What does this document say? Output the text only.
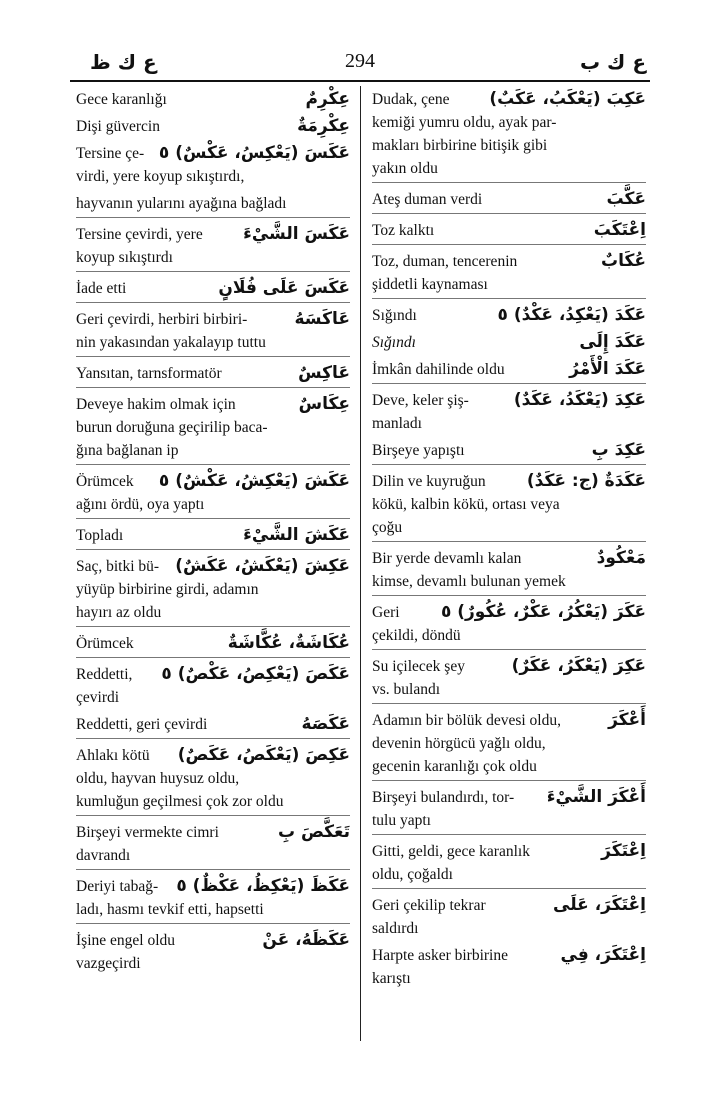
ع ك ظ	294	ع ك ب
عِكْرِمٌ
Gece karanlığı
عِكْرِمَةٌ
Dişi güvercin
عَكَسَ (يَعْكِسُ، عَكْسٌ) ٥
Tersine çe-
virdi, yere koyup sıkıştırdı,
hayvanın yularını ayağına bağladı
عَكَسَ الشَّيْءَ
Tersine çevirdi, yere
koyup sıkıştırdı
عَكَسَ عَلَى فُلَانٍ
İade etti
عَاكَسَهُ
Geri çevirdi, herbiri birbiri-
nin yakasından yakalayıp tuttu
عَاكِسٌ
Yansıtan, tarnsformatör
عِكَاسٌ
Deveye hakim olmak için
burun doruğuna geçirilip baca-
ğına bağlanan ip
عَكَشَ (يَعْكِشُ، عَكْشٌ) ٥
Örümcek
ağını ördü, oya yaptı
عَكَشَ الشَّيْءَ
Topladı
عَكِشَ (يَعْكَشُ، عَكَشٌ)
Saç, bitki bü-
yüyüp birbirine girdi, adamın
hayırı az oldu
عُكَاشَةٌ، عُكَّاشَةٌ
Örümcek
عَكَصَ (يَعْكِصُ، عَكْصٌ) ٥
Reddetti,
çevirdi
عَكَصَهُ
Reddetti, geri çevirdi
عَكِصَ (يَعْكَصُ، عَكَصٌ)
Ahlakı kötü
oldu, hayvan huysuz oldu,
kumluğun geçilmesi çok zor oldu
تَعَكَّصَ بِ
Birşeyi vermekte cimri
davrandı
عَكَظَ (يَعْكِظُ، عَكْظٌ) ٥
Deriyi tabağ-
ladı, hasmı tevkif etti, hapsetti
عَكَظَهُ، عَنْ
İşine engel oldu
vazgeçirdi
عَكِبَ (يَعْكَبُ، عَكَبٌ)
Dudak, çene
kemiği yumru oldu, ayak par-
makları birbirine bitişik gibi
yakın oldu
عَكَّبَ
Ateş duman verdi
اِعْتَكَبَ
Toz kalktı
عُكَابٌ
Toz, duman, tencerenin
şiddetli kaynaması
عَكَدَ (يَعْكِدُ، عَكْدٌ) ٥
Sığındı
عَكَدَ إِلَى
Sığındı
عَكَدَ الْأَمْرُ
İmkân dahilinde oldu
عَكِدَ (يَعْكَدُ، عَكَدٌ)
Deve, keler şiş-
manladı
عَكِدَ بِ
Birşeye yapıştı
عَكَدَةٌ (ج: عَكَدٌ)
Dilin ve kuyruğun
kökü, kalbin kökü, ortası veya
çoğu
مَعْكُودٌ
Bir yerde devamlı kalan
kimse, devamlı bulunan yemek
عَكَرَ (يَعْكُرُ، عَكْرٌ، عُكُورٌ) ٥
Geri
çekildi, döndü
عَكِرَ (يَعْكَرُ، عَكَرٌ)
Su içilecek şey
vs. bulandı
أَعْكَرَ
Adamın bir bölük devesi oldu,
devenin hörgücü yağlı oldu,
gecenin karanlığı çok oldu
أَعْكَرَ الشَّيْءَ
Birşeyi bulandırdı, tor-
tulu yaptı
اِعْتَكَرَ
Gitti, geldi, gece karanlık
oldu, çoğaldı
اِعْتَكَرَ، عَلَى
Geri çekilip tekrar
saldırdı
اِعْتَكَرَ، فِي
Harpte asker birbirine
karıştı
